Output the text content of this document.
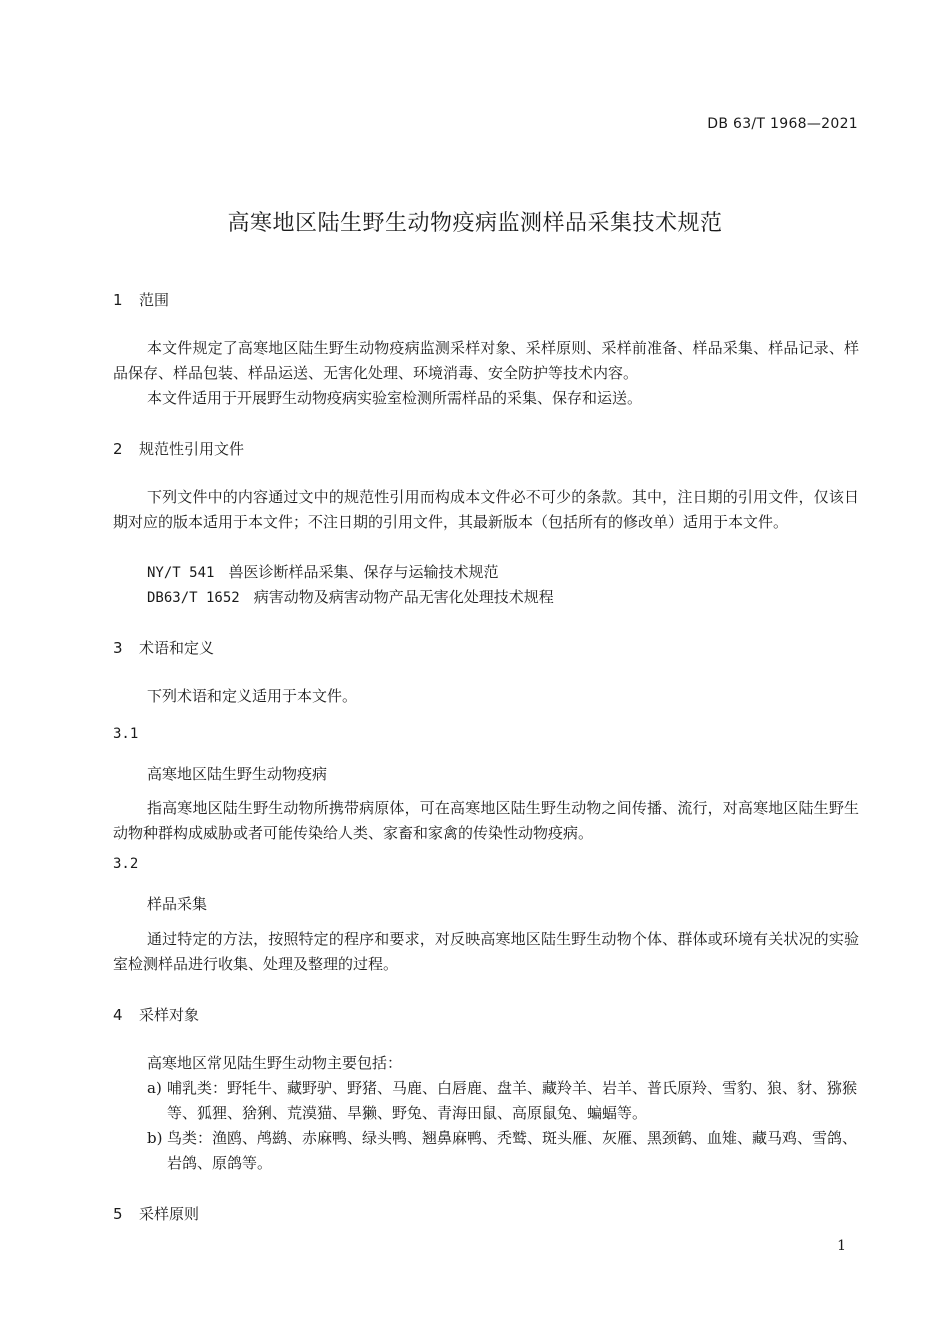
DB 63/T 1968—2021
高寒地区陆生野生动物疫病监测样品采集技术规范
1 范围
本文件规定了高寒地区陆生野生动物疫病监测采样对象、采样原则、采样前准备、样品采集、样品记录、样品保存、样品包装、样品运送、无害化处理、环境消毒、安全防护等技术内容。
本文件适用于开展野生动物疫病实验室检测所需样品的采集、保存和运送。
2 规范性引用文件
下列文件中的内容通过文中的规范性引用而构成本文件必不可少的条款。其中，注日期的引用文件，仅该日期对应的版本适用于本文件；不注日期的引用文件，其最新版本（包括所有的修改单）适用于本文件。
NY/T 541 兽医诊断样品采集、保存与运输技术规范
DB63/T 1652 病害动物及病害动物产品无害化处理技术规程
3 术语和定义
下列术语和定义适用于本文件。
3.1
高寒地区陆生野生动物疫病
指高寒地区陆生野生动物所携带病原体，可在高寒地区陆生野生动物之间传播、流行，对高寒地区陆生野生动物种群构成威胁或者可能传染给人类、家畜和家禽的传染性动物疫病。
3.2
样品采集
通过特定的方法，按照特定的程序和要求，对反映高寒地区陆生野生动物个体、群体或环境有关状况的实验室检测样品进行收集、处理及整理的过程。
4 采样对象
高寒地区常见陆生野生动物主要包括：
a) 哺乳类：野牦牛、藏野驴、野猪、马鹿、白唇鹿、盘羊、藏羚羊、岩羊、普氏原羚、雪豹、狼、豺、猕猴等、狐狸、猞猁、荒漠猫、旱獭、野兔、青海田鼠、高原鼠兔、蝙蝠等。
b) 鸟类：渔鸥、鸬鹚、赤麻鸭、绿头鸭、翘鼻麻鸭、秃鹫、斑头雁、灰雁、黑颈鹤、血雉、藏马鸡、雪鸽、岩鸽、原鸽等。
5 采样原则
1
